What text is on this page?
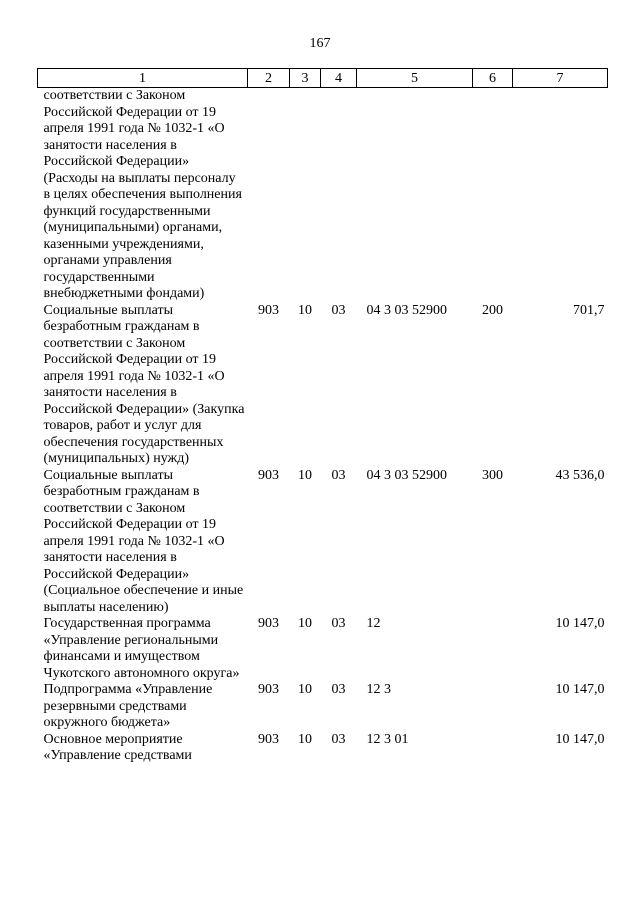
167
1	2	3	4	5	6	7
соответствии с Законом Российской Федерации от 19 апреля 1991 года № 1032-1 «О занятости населения в Российской Федерации» (Расходы на выплаты персоналу в целях обеспечения выполнения функций государственными (муниципальными) органами, казенными учреждениями, органами управления государственными внебюджетными фондами)						
Социальные выплаты безработным гражданам в соответствии с Законом Российской Федерации от 19 апреля 1991 года № 1032-1 «О занятости населения в Российской Федерации» (Закупка товаров, работ и услуг для обеспечения государственных (муниципальных) нужд)	903	10	03	04 3 03 52900	200	701,7
Социальные выплаты безработным гражданам в соответствии с Законом Российской Федерации от 19 апреля 1991 года № 1032-1 «О занятости населения в Российской Федерации» (Социальное обеспечение и иные выплаты населению)	903	10	03	04 3 03 52900	300	43 536,0
Государственная программа «Управление региональными финансами и имуществом Чукотского автономного округа»	903	10	03	12		10 147,0
Подпрограмма «Управление резервными средствами окружного бюджета»	903	10	03	12 3		10 147,0
Основное мероприятие «Управление средствами	903	10	03	12 3 01		10 147,0
